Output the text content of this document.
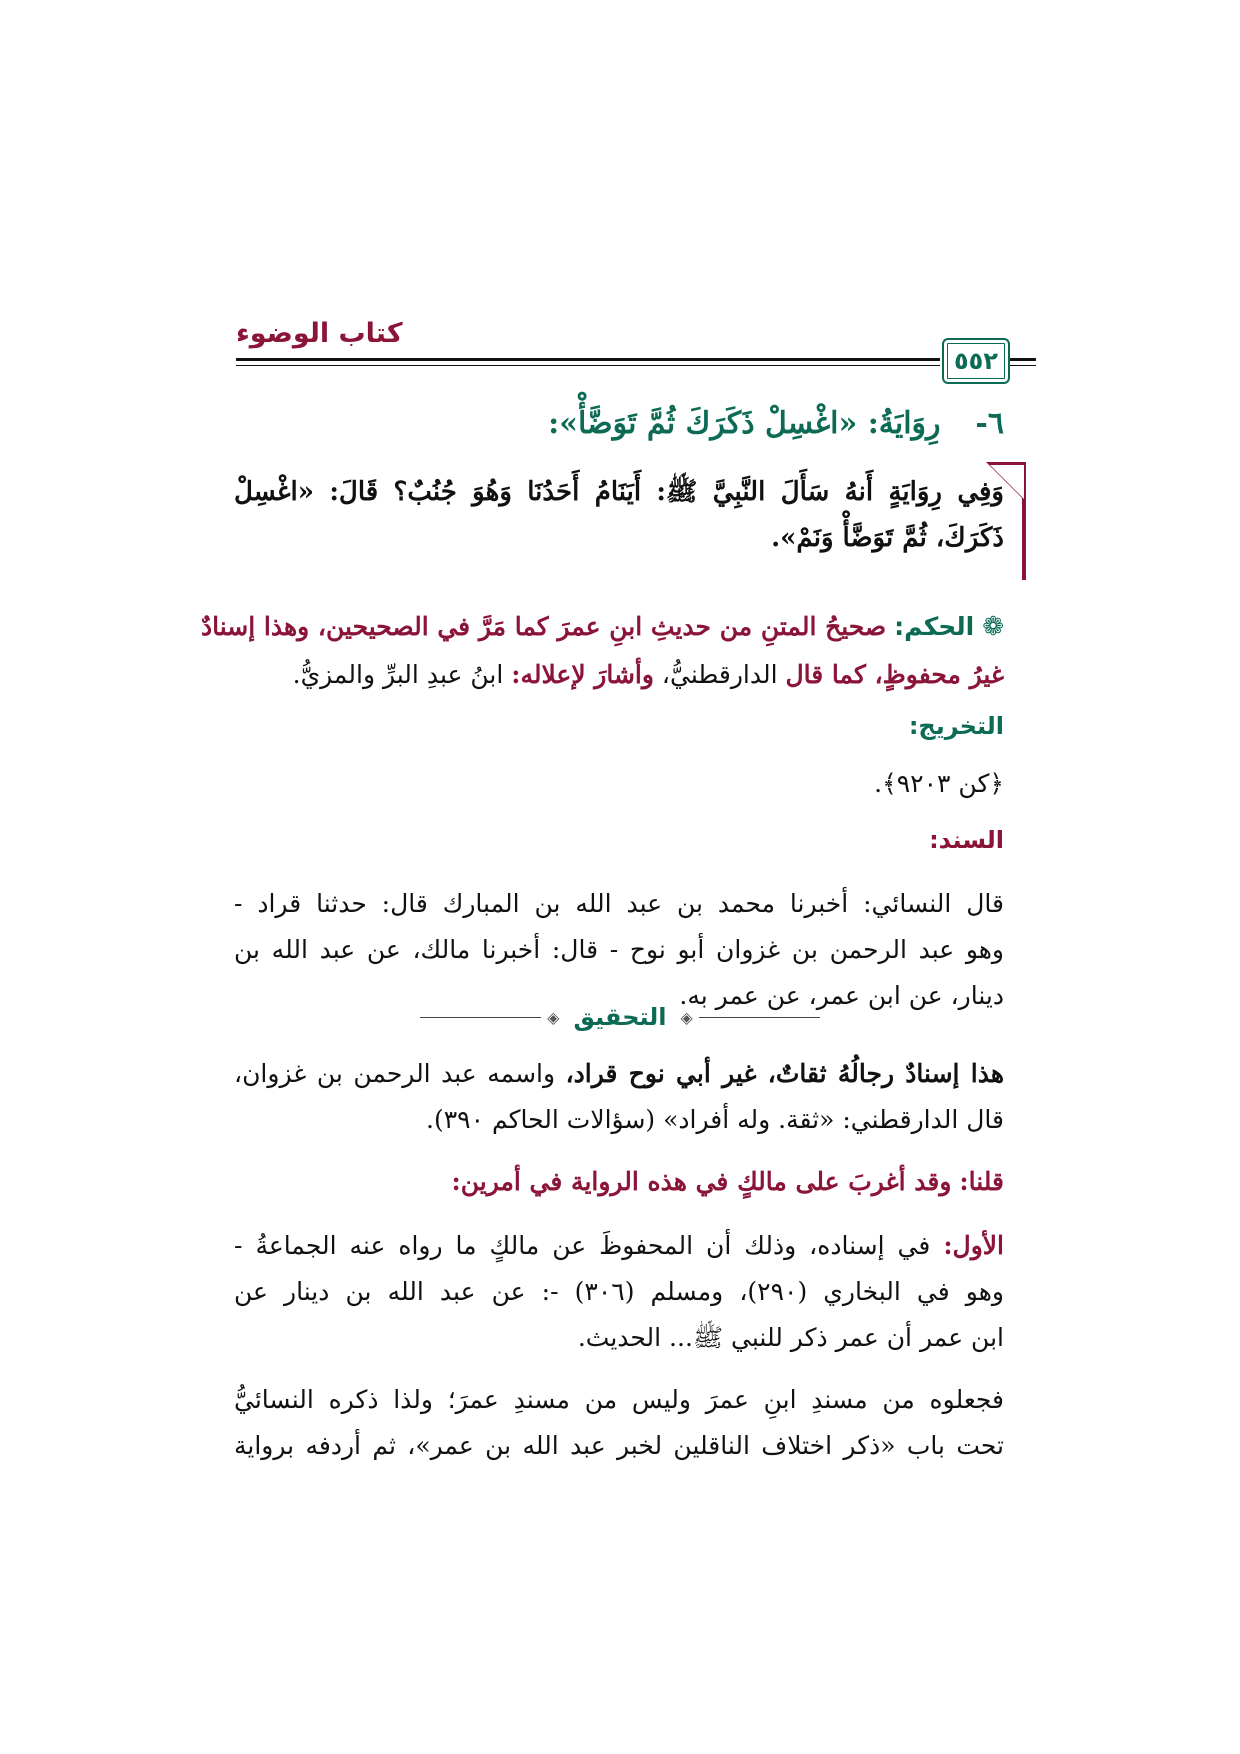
كتاب الوضوء
٥٥٢
٦-  رِوَايَةُ: «اغْسِلْ ذَكَرَكَ ثُمَّ تَوَضَّأْ»:
وَفِي رِوَايَةٍ أَنهُ سَأَلَ النَّبِيَّ ﷺ: أَيَنَامُ أَحَدُنَا وَهُوَ جُنُبٌ؟ قَالَ: «اغْسِلْ
ذَكَرَكَ، ثُمَّ تَوَضَّأْ وَنَمْ».
❁ الحكم: صحيحُ المتنِ من حديثِ ابنِ عمرَ كما مَرَّ في الصحيحين، وهذا إسنادٌ
غيرُ محفوظٍ، كما قال الدارقطنيُّ، وأشارَ لإعلاله: ابنُ عبدِ البرِّ والمزيُّ.
التخريج:
﴿كن ٩٢٠٣﴾.
السند:
قال النسائي: أخبرنا محمد بن عبد الله بن المبارك قال: حدثنا قراد -
وهو عبد الرحمن بن غزوان أبو نوح - قال: أخبرنا مالك، عن عبد الله بن
دينار، عن ابن عمر، عن عمر به.
◈ التحقيق ◈
هذا إسنادٌ رجالُهُ ثقاتٌ، غير أبي نوح قراد، واسمه عبد الرحمن بن غزوان،
قال الدارقطني: «ثقة. وله أفراد» (سؤالات الحاكم ٣٩٠).
قلنا: وقد أغربَ على مالكٍ في هذه الرواية في أمرين:
الأول: في إسناده، وذلك أن المحفوظَ عن مالكٍ ما رواه عنه الجماعةُ -
وهو في البخاري (٢٩٠)، ومسلم (٣٠٦) -: عن عبد الله بن دينار عن
ابن عمر أن عمر ذكر للنبي ﷺ... الحديث.
فجعلوه من مسندِ ابنِ عمرَ وليس من مسندِ عمرَ؛ ولذا ذكره النسائيُّ
تحت باب «ذكر اختلاف الناقلين لخبر عبد الله بن عمر»، ثم أردفه برواية
